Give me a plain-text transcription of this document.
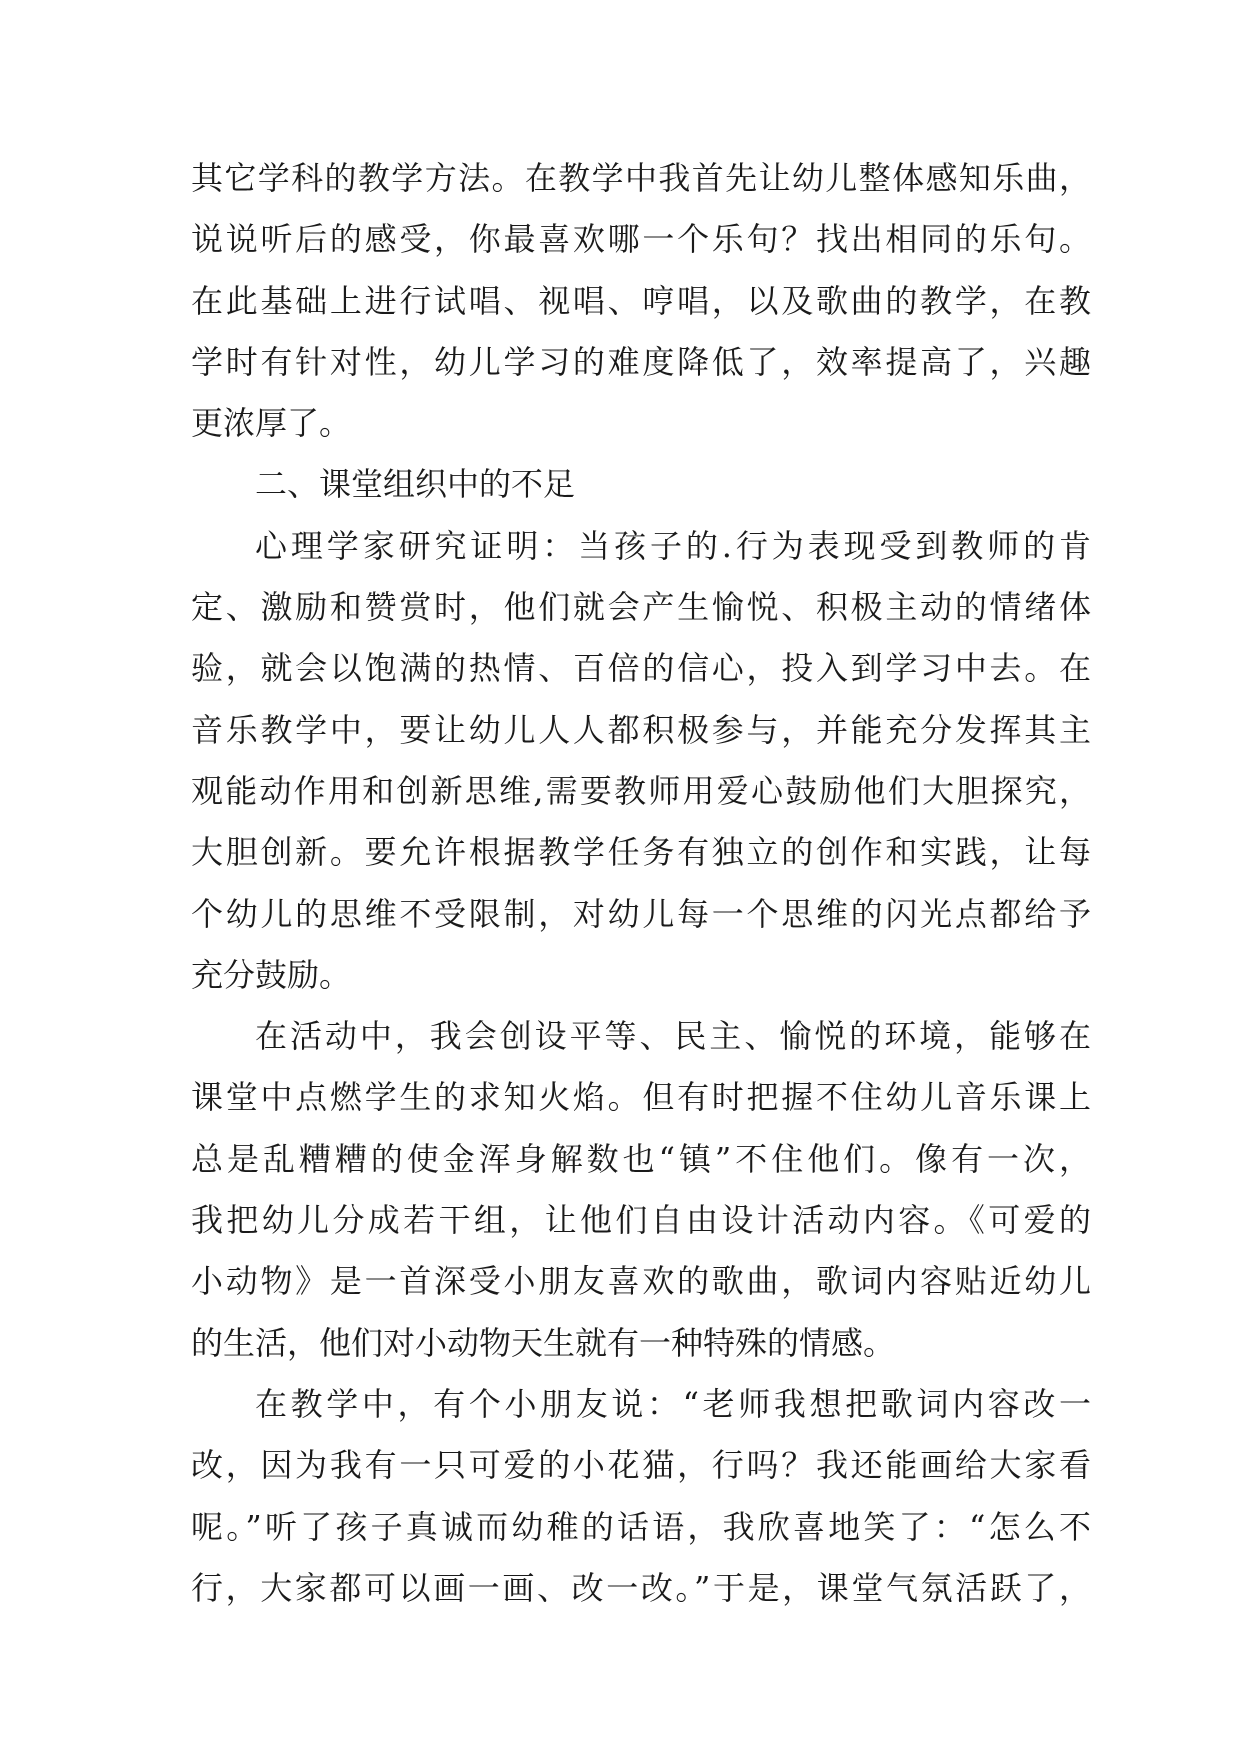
其它学科的教学方法。在教学中我首先让幼儿整体感知乐曲，
说说听后的感受，你最喜欢哪一个乐句？找出相同的乐句。
在此基础上进行试唱、视唱、哼唱，以及歌曲的教学，在教
学时有针对性，幼儿学习的难度降低了，效率提高了，兴趣
更浓厚了。
二、课堂组织中的不足
心理学家研究证明：当孩子的.行为表现受到教师的肯
定、激励和赞赏时，他们就会产生愉悦、积极主动的情绪体
验，就会以饱满的热情、百倍的信心，投入到学习中去。在
音乐教学中，要让幼儿人人都积极参与，并能充分发挥其主
观能动作用和创新思维,需要教师用爱心鼓励他们大胆探究，
大胆创新。要允许根据教学任务有独立的创作和实践，让每
个幼儿的思维不受限制，对幼儿每一个思维的闪光点都给予
充分鼓励。
在活动中，我会创设平等、民主、愉悦的环境，能够在
课堂中点燃学生的求知火焰。但有时把握不住幼儿音乐课上
总是乱糟糟的使金浑身解数也“镇”不住他们。像有一次，
我把幼儿分成若干组，让他们自由设计活动内容。《可爱的
小动物》是一首深受小朋友喜欢的歌曲，歌词内容贴近幼儿
的生活，他们对小动物天生就有一种特殊的情感。
在教学中，有个小朋友说：“老师我想把歌词内容改一
改，因为我有一只可爱的小花猫，行吗？我还能画给大家看
呢。”听了孩子真诚而幼稚的话语，我欣喜地笑了：“怎么不
行，大家都可以画一画、改一改。”于是，课堂气氛活跃了，
